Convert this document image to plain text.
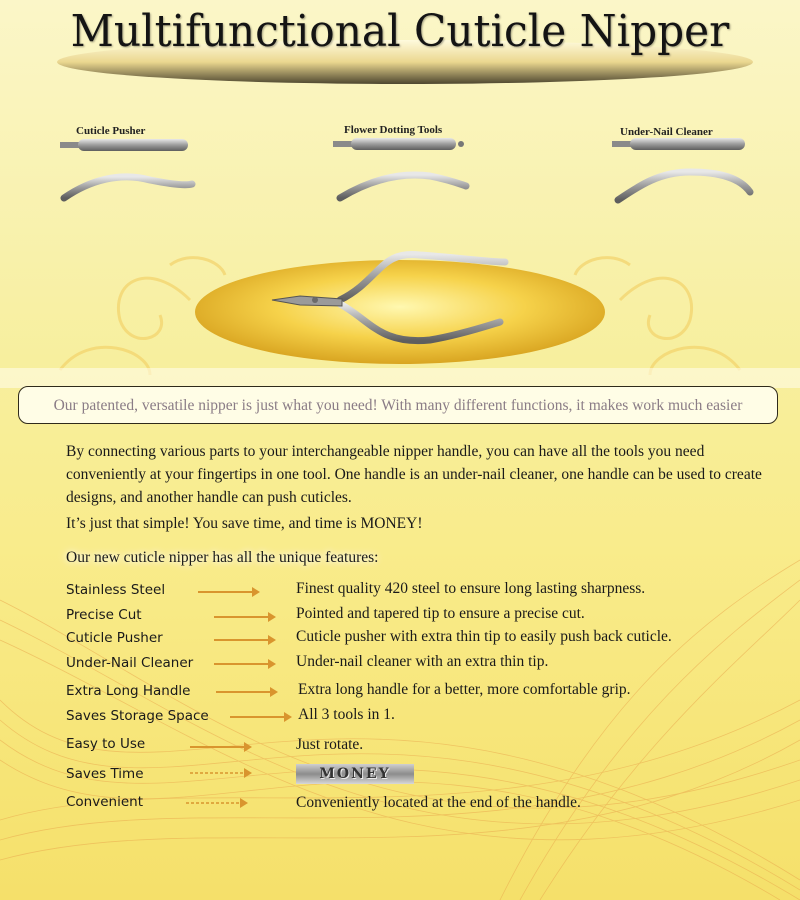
Multifunctional Cuticle Nipper
Cuticle Pusher	Flower Dotting Tools	Under-Nail Cleaner
Our patented, versatile nipper is just what you need! With many different functions, it makes work much easier

By connecting various parts to your interchangeable nipper handle, you can have all the tools you need conveniently at your fingertips in one tool. One handle is an under-nail cleaner, one handle can be used to create designs, and another handle can push cuticles.

It’s just that simple! You save time, and time is MONEY!

Our new cuticle nipper has all the unique features:

Stainless Steel	Finest quality 420 steel to ensure long lasting sharpness.
Precise Cut	Pointed and tapered tip to ensure a precise cut.
Cuticle Pusher	Cuticle pusher with extra thin tip to easily push back cuticle.
Under-Nail Cleaner	Under-nail cleaner with an extra thin tip.
Extra Long Handle	Extra long handle for a better, more comfortable grip.
Saves Storage Space	All 3 tools in 1.
Easy to Use	Just rotate.
Saves Time	MONEY
Convenient	Conveniently located at the end of the handle.
